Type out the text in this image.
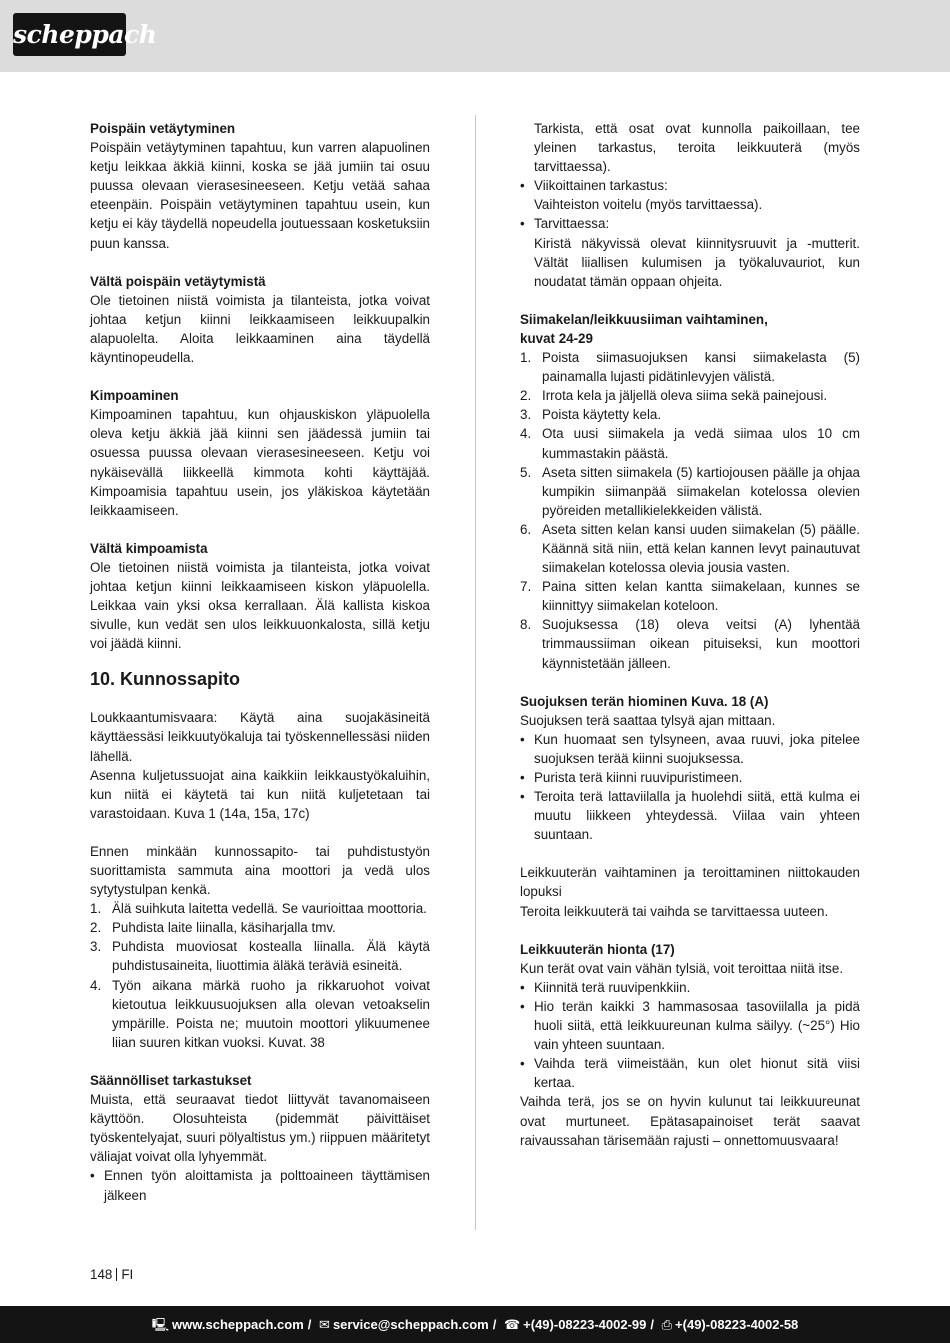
scheppach
Poispäin vetäytyminen

Poispäin vetäytyminen tapahtuu, kun varren alapuolinen ketju leikkaa äkkiä kiinni, koska se jää jumiin tai osuu puussa olevaan vierasesineeseen. Ketju vetää sahaa eteenpäin. Poispäin vetäytyminen tapahtuu usein, kun ketju ei käy täydellä nopeudella joutuessaan kosketuksiin puun kanssa.

Vältä poispäin vetäytymistä

Ole tietoinen niistä voimista ja tilanteista, jotka voivat johtaa ketjun kiinni leikkaamiseen leikkuupalkin alapuolelta. Aloita leikkaaminen aina täydellä käyntinopeudella.

Kimpoaminen

Kimpoaminen tapahtuu, kun ohjauskiskon yläpuolella oleva ketju äkkiä jää kiinni sen jäädessä jumiin tai osuessa puussa olevaan vierasesineeseen. Ketju voi nykäisevällä liikkeellä kimmota kohti käyttäjää. Kimpoamisia tapahtuu usein, jos yläkiskoa käytetään leikkaamiseen.

Vältä kimpoamista

Ole tietoinen niistä voimista ja tilanteista, jotka voivat johtaa ketjun kiinni leikkaamiseen kiskon yläpuolella. Leikkaa vain yksi oksa kerrallaan. Älä kallista kiskoa sivulle, kun vedät sen ulos leikkuuonkalosta, sillä ketju voi jäädä kiinni.

10. Kunnossapito

Loukkaantumisvaara: Käytä aina suojakäsineitä käyttäessäsi leikkuutyökaluja tai työskennellessäsi niiden lähellä.

Asenna kuljetussuojat aina kaikkiin leikkaustyökaluihin, kun niitä ei käytetä tai kun niitä kuljetetaan tai varastoidaan. Kuva 1 (14a, 15a, 17c)

Ennen minkään kunnossapito- tai puhdistustyön suorittamista sammuta aina moottori ja vedä ulos sytytystulpan kenkä.

1. Älä suihkuta laitetta vedellä. Se vaurioittaa moottoria.
2. Puhdista laite liinalla, käsiharjalla tmv.
3. Puhdista muoviosat kostealla liinalla. Älä käytä puhdistusaineita, liuottimia äläkä teräviä esineitä.
4. Työn aikana märkä ruoho ja rikkaruohot voivat kietoutua leikkuusuojuksen alla olevan vetoakselin ympärille. Poista ne; muutoin moottori ylikuumenee liian suuren kitkan vuoksi. Kuvat. 38
Säännölliset tarkastukset

Muista, että seuraavat tiedot liittyvät tavanomaiseen käyttöön. Olosuhteista (pidemmät päivittäiset työskentelyajat, suuri pölyaltistus ym.) riippuen määritetyt väliajat voivat olla lyhyemmät.

• Ennen työn aloittamista ja polttoaineen täyttämisen jälkeen

Tarkista, että osat ovat kunnolla paikoillaan, tee yleinen tarkastus, teroita leikkuuterä (myös tarvittaessa).

• Viikoittainen tarkastus:

Vaihteiston voitelu (myös tarvittaessa).

• Tarvittaessa:

Kiristä näkyvissä olevat kiinnitysruuvit ja -mutterit. Vältät liiallisen kulumisen ja työkaluvauriot, kun noudatat tämän oppaan ohjeita.

Siimakelan/leikkuusiiman vaihtaminen,
kuvat 24-29
1. Poista siimasuojuksen kansi siimakelasta (5) painamalla lujasti pidätinlevyjen välistä.
2. Irrota kela ja jäljellä oleva siima sekä painejousi.
3. Poista käytetty kela.
4. Ota uusi siimakela ja vedä siimaa ulos 10 cm kummastakin päästä.
5. Aseta sitten siimakela (5) kartiojousen päälle ja ohjaa kumpikin siimanpää siimakelan kotelossa olevien pyöreiden metallikielekkeiden välistä.
6. Aseta sitten kelan kansi uuden siimakelan (5) päälle. Käännä sitä niin, että kelan kannen levyt painautuvat siimakelan kotelossa olevia jousia vasten.
7. Paina sitten kelan kantta siimakelaan, kunnes se kiinnittyy siimakelan koteloon.
8. Suojuksessa (18) oleva veitsi (A) lyhentää trimmaussiiman oikean pituiseksi, kun moottori käynnistetään jälleen.
Suojuksen terän hiominen Kuva. 18 (A)

Suojuksen terä saattaa tylsyä ajan mittaan.

• Kun huomaat sen tylsyneen, avaa ruuvi, joka pitelee suojuksen terää kiinni suojuksessa.
• Purista terä kiinni ruuvipuristimeen.
• Teroita terä lattaviilalla ja huolehdi siitä, että kulma ei muutu liikkeen yhteydessä. Viilaa vain yhteen suuntaan.

Leikkuuterän vaihtaminen ja teroittaminen niittokauden lopuksi

Teroita leikkuuterä tai vaihda se tarvittaessa uuteen.

Leikkuuterän hionta (17)

Kun terät ovat vain vähän tylsiä, voit teroittaa niitä itse.

• Kiinnitä terä ruuvipenkkiin.
• Hio terän kaikki 3 hammasosaa tasoviilalla ja pidä huoli siitä, että leikkuureunan kulma säilyy. (~25°) Hio vain yhteen suuntaan.
• Vaihda terä viimeistään, kun olet hionut sitä viisi kertaa.

Vaihda terä, jos se on hyvin kulunut tai leikkuureunat ovat murtuneet. Epätasapainoiset terät saavat raivaussahan tärisemään rajusti – onnettomuusvaara!

148 FI
🖳 www.scheppach.com / ✉ service@scheppach.com / ☎ +(49)-08223-4002-99 / ⎙ +(49)-08223-4002-58
